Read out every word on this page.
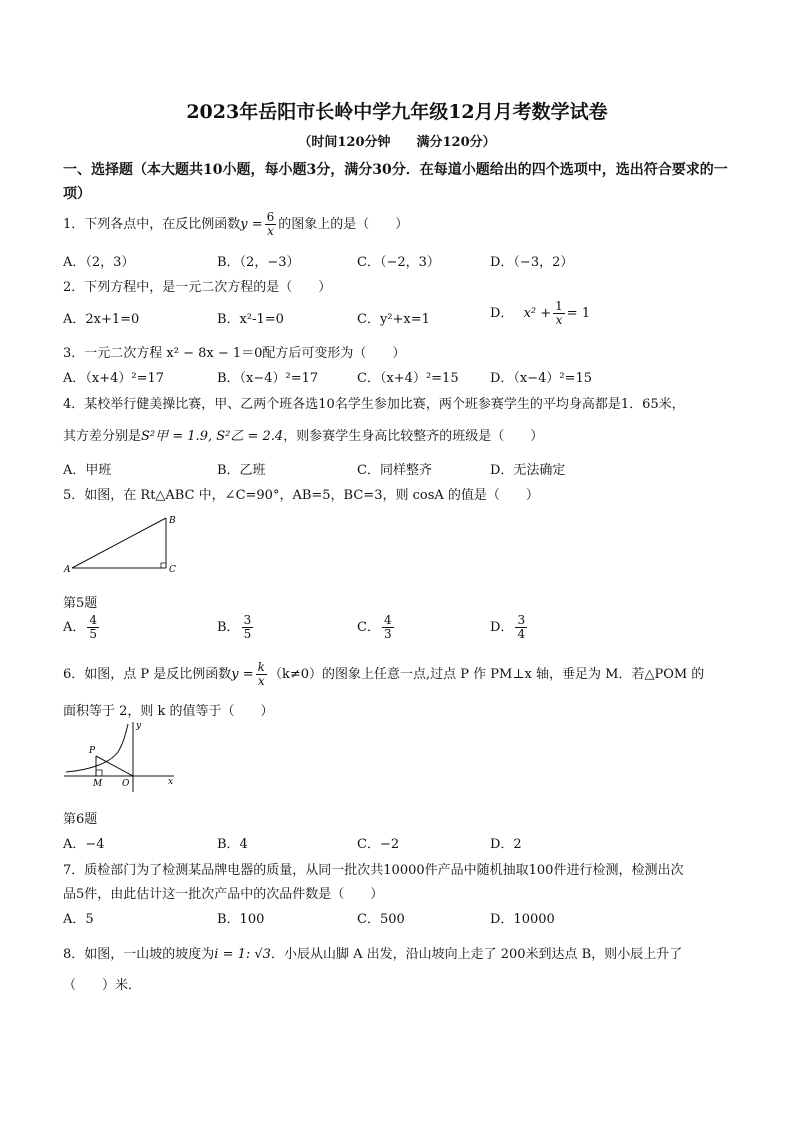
2023年岳阳市长岭中学九年级12月月考数学试卷
（时间120分钟　　满分120分）
一、选择题（本大题共10小题，每小题3分，满分30分．在每道小题给出的四个选项中，选出符合要求的一项）
1．下列各点中，在反比例函数$y = \frac{6}{x}$ 的图象上的是（　　）
A．（2，3）	B．（2，−3）	C．（−2，3）	D．（−3，2）
2．下列方程中，是一元二次方程的是（　　）
A．2x+1=0	B．x²-1=0	C．y²+x=1	D． $x^2 + \frac{1}{x} = 1$
3．一元二次方程 x² − 8x − 1＝0配方后可变形为（　　）
A．（x+4）²=17	B．（x−4）²=17	C．（x+4）²=15 D．（x−4）²=15
4．某校举行健美操比赛，甲、乙两个班各选10名学生参加比赛，两个班参赛学生的平均身高都是1．65米，
其方差分别是S²甲 = 1.9, S²乙 = 2.4，则参赛学生身高比较整齐的班级是（　　）
A．甲班	B．乙班	C．同样整齐	D．无法确定
5．如图，在 Rt△ABC 中，∠C=90°，AB=5，BC=3，则 cosA 的值是（　　）
A
B
C
第5题
A． $\frac{4}{5}$	B． $\frac{3}{5}$	C． $\frac{4}{3}$	D． $\frac{3}{4}$
6．如图，点 P 是反比例函数$y = \frac{k}{x} (k\ne 0)$的图象上任意一点,过点 P 作 PM⊥x 轴，垂足为 M．若△POM 的
面积等于 2，则 k 的值等于（　　）
P
M O	x
y
第6题
A．−4	B．4	C．−2	D．2
7．质检部门为了检测某品牌电器的质量，从同一批次共10000件产品中随机抽取100件进行检测，检测出次
品5件，由此估计这一批次产品中的次品件数是（　　）
A．5	B．100	C．500	D．10000
8．如图，一山坡的坡度为i = 1: √3．小辰从山脚 A 出发，沿山坡向上走了 200米到达点 B，则小辰上升了
（　　）米．
